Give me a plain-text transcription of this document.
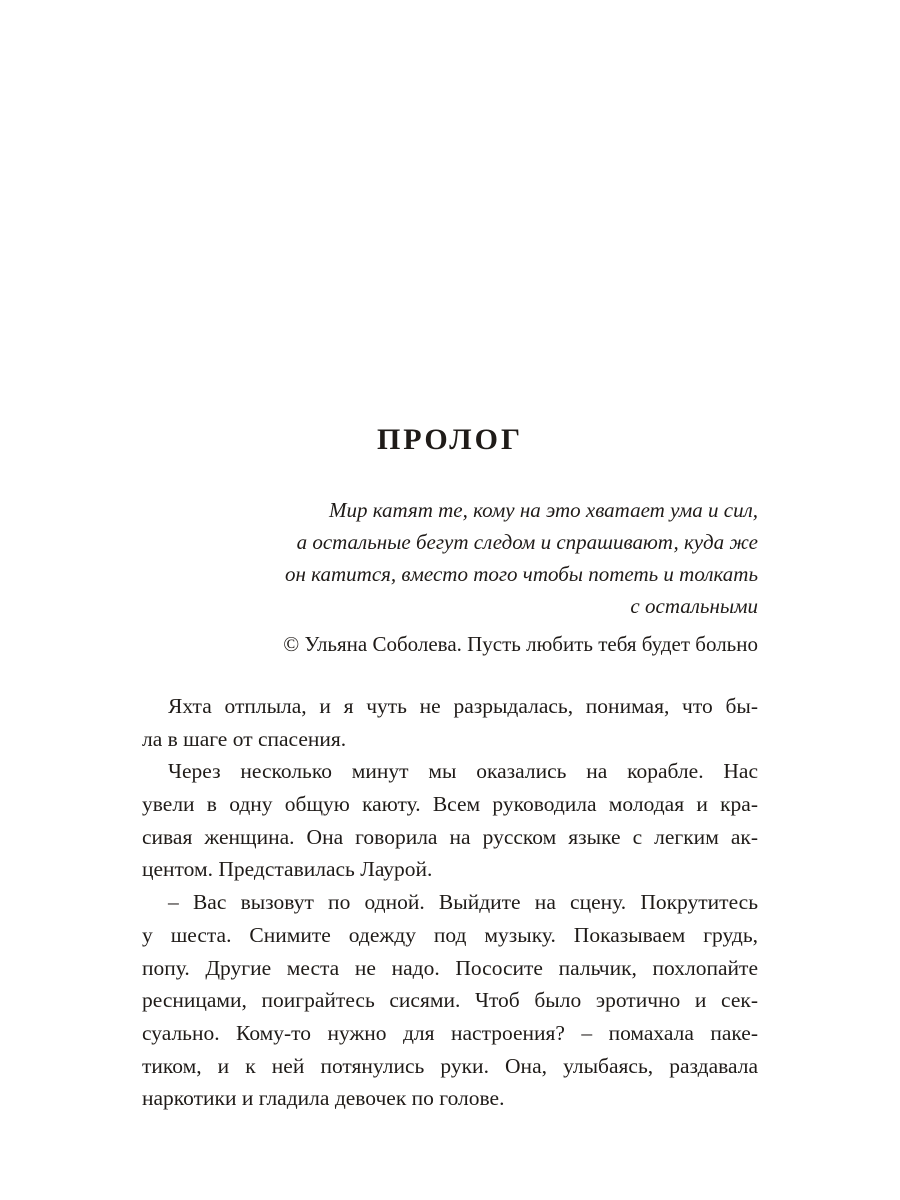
ПРОЛОГ
Мир катят те, кому на это хватает ума и сил,
а остальные бегут следом и спрашивают, куда же
он катится, вместо того чтобы потеть и толкать
с остальными
© Ульяна Соболева. Пусть любить тебя будет больно
Яхта отплыла, и я чуть не разрыдалась, понимая, что бы-
ла в шаге от спасения.
Через несколько минут мы оказались на корабле. Нас
увели в одну общую каюту. Всем руководила молодая и кра-
сивая женщина. Она говорила на русском языке с легким ак-
центом. Представилась Лаурой.
– Вас вызовут по одной. Выйдите на сцену. Покрутитесь
у шеста. Снимите одежду под музыку. Показываем грудь,
попу. Другие места не надо. Пососите пальчик, похлопайте
ресницами, поиграйтесь сисями. Чтоб было эротично и сек-
суально. Кому-то нужно для настроения? – помахала паке-
тиком, и к ней потянулись руки. Она, улыбаясь, раздавала
наркотики и гладила девочек по голове.
